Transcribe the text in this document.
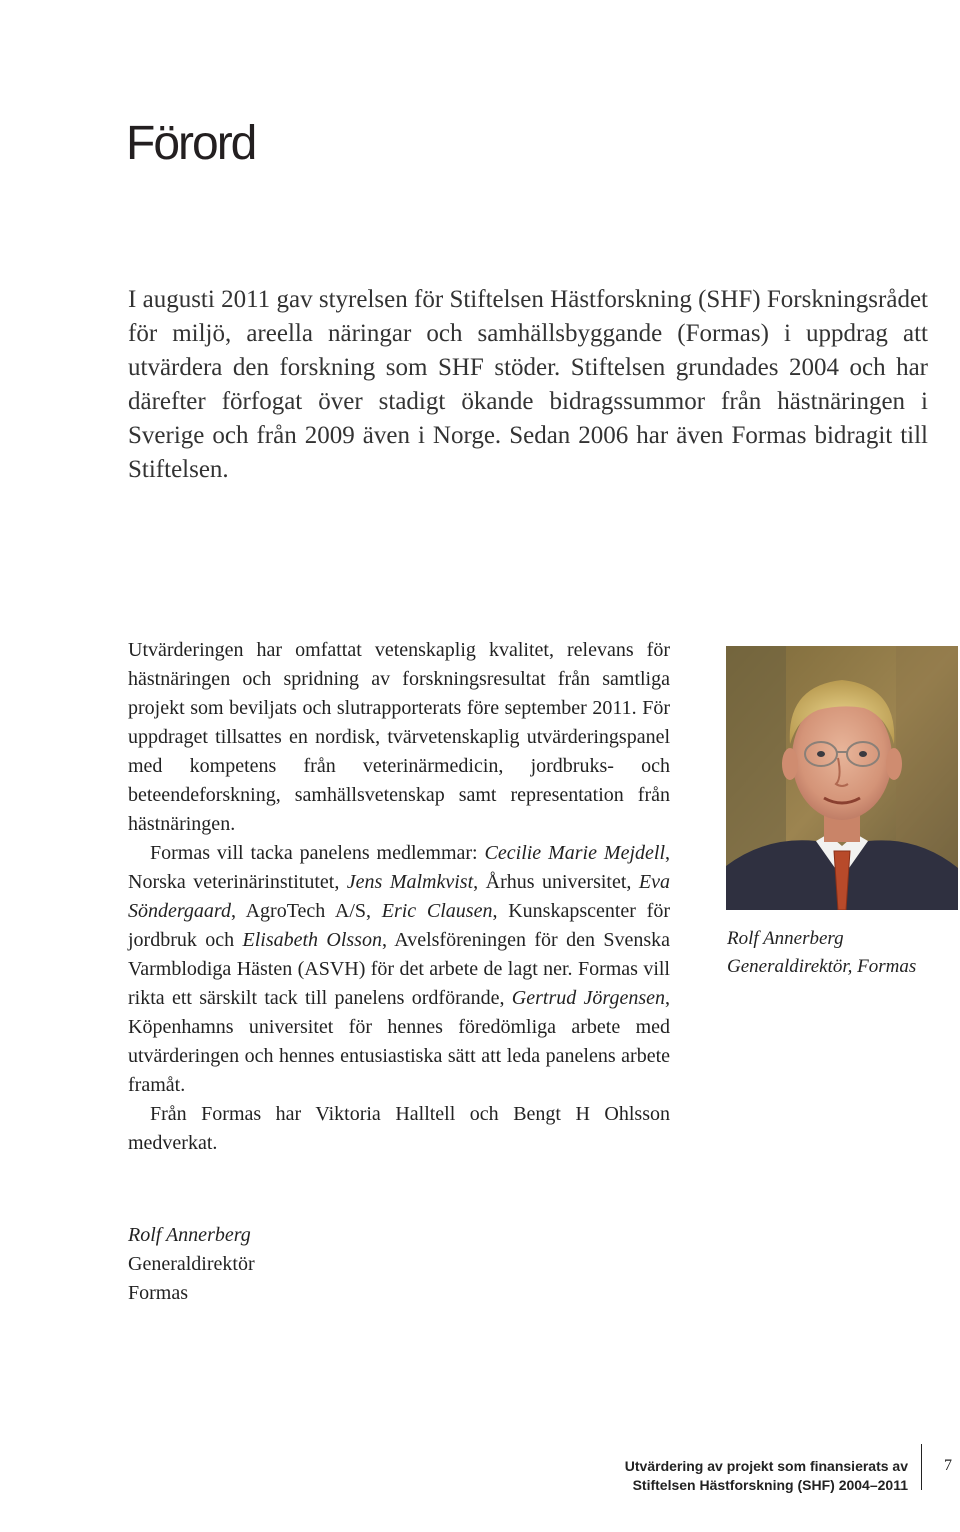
Förord

I augusti 2011 gav styrelsen för Stiftelsen Hästforskning (SHF) Forskningsrådet för miljö, areella näringar och samhällsbyggande (Formas) i uppdrag att utvärdera den forskning som SHF stöder. Stiftelsen grundades 2004 och har därefter förfogat över stadigt ökande bidragssummor från hästnäringen i Sverige och från 2009 även i Norge. Sedan 2006 har även Formas bidragit till Stiftelsen.

Utvärderingen har omfattat vetenskaplig kvalitet, relevans för hästnäringen och spridning av forskningsresultat från samtliga projekt som beviljats och slutrapporterats före september 2011. För uppdraget tillsattes en nordisk, tvärvetenskaplig utvärderingspanel med kompetens från veterinärmedicin, jordbruks- och beteendeforskning, samhällsvetenskap samt representation från hästnäringen.

Formas vill tacka panelens medlemmar: Cecilie Marie Mejdell, Norska veterinärinstitutet, Jens Malmkvist, Århus universitet, Eva Söndergaard, AgroTech A/S, Eric Clausen, Kunskapscenter för jordbruk och Elisabeth Olsson, Avelsföreningen för den Svenska Varmblodiga Hästen (ASVH) för det arbete de lagt ner. Formas vill rikta ett särskilt tack till panelens ordförande, Gertrud Jörgensen, Köpenhamns universitet för hennes föredömliga arbete med utvärderingen och hennes entusiastiska sätt att leda panelens arbete framåt.

Från Formas har Viktoria Halltell och Bengt H Ohlsson medverkat.

Rolf Annerberg
Generaldirektör, Formas
Rolf Annerberg
Generaldirektör
Formas
Utvärdering av projekt som finansierats av
Stiftelsen Hästforskning (SHF) 2004–2011
7
